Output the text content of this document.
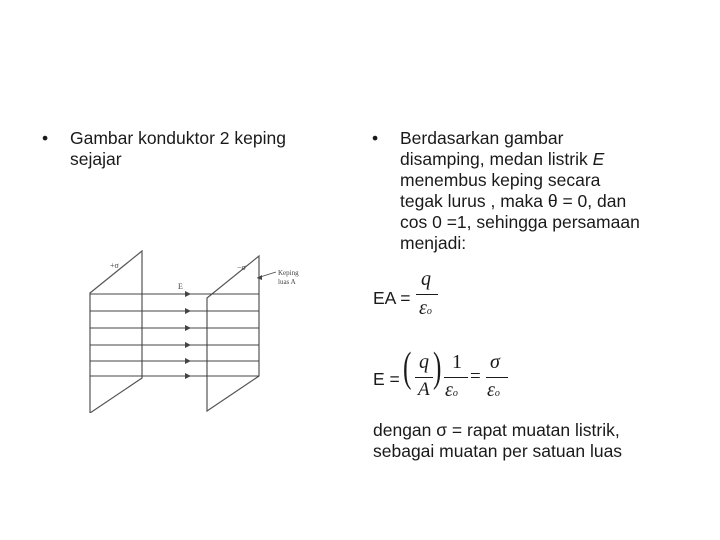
• Gambar konduktor 2 keping
sejajar
• Berdasarkan gambar
disamping, medan listrik E
menembus keping secara
tegak lurus , maka θ = 0, dan
cos 0 =1, sehingga persamaan
menjadi:
+σ	−σ
E
Keping
luas A
EA =
q
εo
E = ( q
A ) 1
εo
=
σ
εo
dengan σ = rapat muatan listrik,
sebagai muatan per satuan luas
